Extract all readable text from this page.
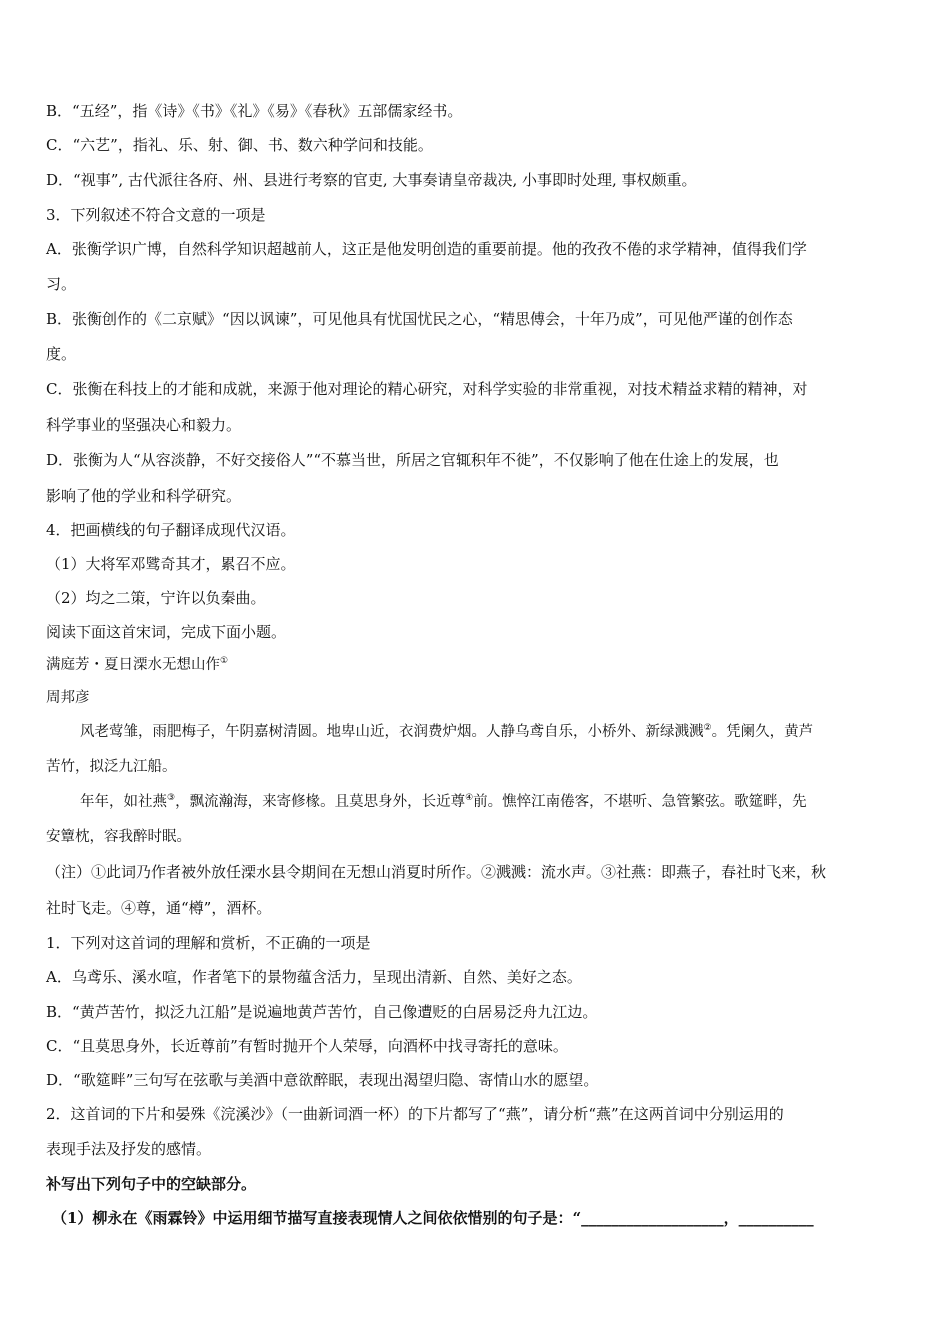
B．“五经”，指《诗》《书》《礼》《易》《春秋》五部儒家经书。
C．“六艺”，指礼、乐、射、御、书、数六种学问和技能。
D．“视事”, 古代派往各府、州、县进行考察的官吏, 大事奏请皇帝裁决, 小事即时处理, 事权颇重。
3．下列叙述不符合文意的一项是
A．张衡学识广博，自然科学知识超越前人，这正是他发明创造的重要前提。他的孜孜不倦的求学精神，值得我们学
习。
B．张衡创作的《二京赋》“因以讽谏”，可见他具有忧国忧民之心，“精思傅会，十年乃成”，可见他严谨的创作态
度。
C．张衡在科技上的才能和成就，来源于他对理论的精心研究，对科学实验的非常重视，对技术精益求精的精神，对
科学事业的坚强决心和毅力。
D．张衡为人“从容淡静，不好交接俗人”“不慕当世，所居之官辄积年不徙”，不仅影响了他在仕途上的发展，也
影响了他的学业和科学研究。
4．把画横线的句子翻译成现代汉语。
（1）大将军邓骘奇其才，累召不应。
（2）均之二策，宁许以负秦曲。
阅读下面这首宋词，完成下面小题。
满庭芳・夏日溧水无想山作①
周邦彦
风老莺雏，雨肥梅子，午阴嘉树清圆。地卑山近，衣润费炉烟。人静乌鸢自乐，小桥外、新绿溅溅②。凭阑久，黄芦
苦竹，拟泛九江船。
年年，如社燕③，飘流瀚海，来寄修椽。且莫思身外，长近尊④前。憔悴江南倦客，不堪听、急管繁弦。歌筵畔，先
安簟枕，容我醉时眠。
（注）①此词乃作者被外放任溧水县令期间在无想山消夏时所作。②溅溅：流水声。③社燕：即燕子，春社时飞来，秋
社时飞走。④尊，通“樽”，酒杯。
1．下列对这首词的理解和赏析，不正确的一项是
A．乌鸢乐、溪水喧，作者笔下的景物蕴含活力，呈现出清新、自然、美好之态。
B．“黄芦苦竹，拟泛九江船”是说遍地黄芦苦竹，自己像遭贬的白居易泛舟九江边。
C．“且莫思身外，长近尊前”有暂时抛开个人荣辱，向酒杯中找寻寄托的意味。
D．“歌筵畔”三句写在弦歌与美酒中意欲醉眠，表现出渴望归隐、寄情山水的愿望。
2．这首词的下片和晏殊《浣溪沙》（一曲新词酒一杯）的下片都写了“燕”，请分析“燕”在这两首词中分别运用的
表现手法及抒发的感情。
补写出下列句子中的空缺部分。
（1）柳永在《雨霖铃》中运用细节描写直接表现情人之间依依惜别的句子是：“___________________，__________
